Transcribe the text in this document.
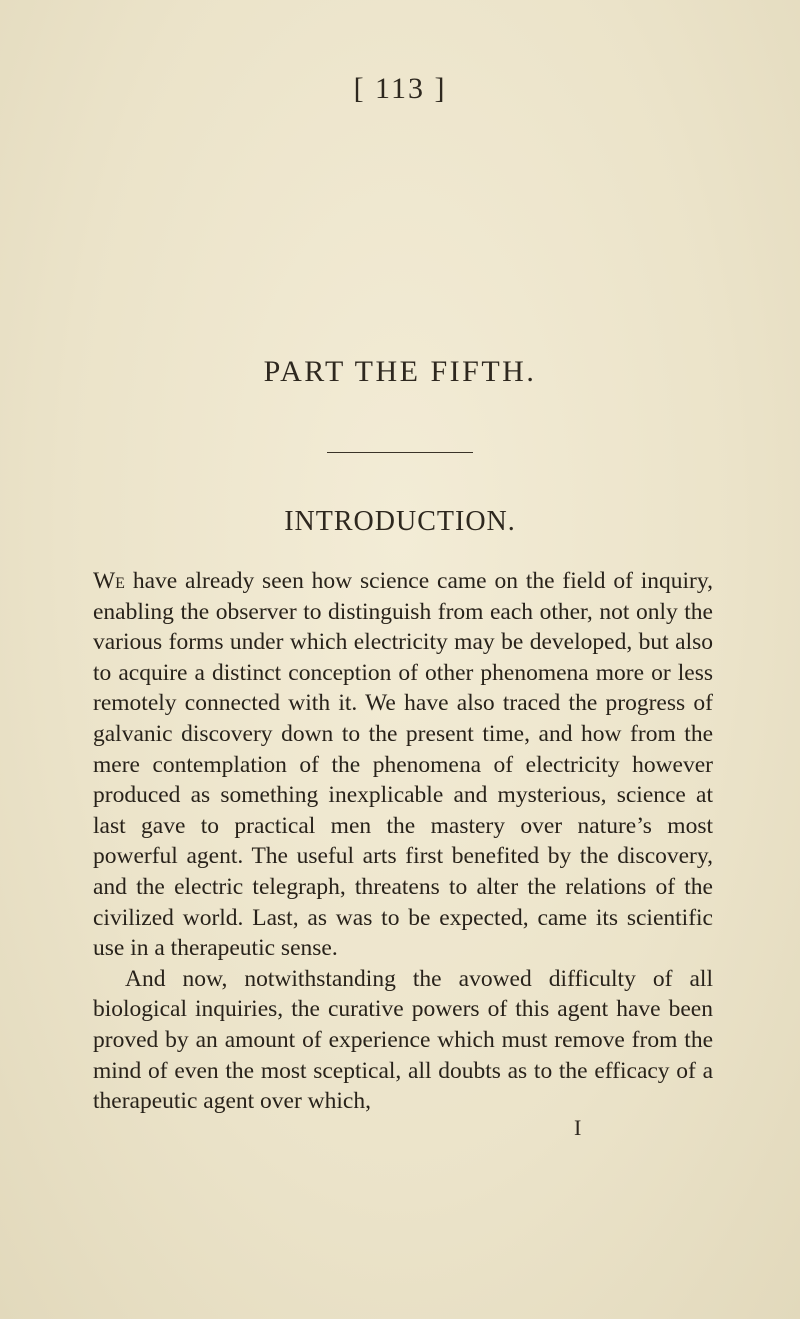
[ 113 ]
PART THE FIFTH.
INTRODUCTION.

We have already seen how science came on the field of inquiry, enabling the observer to distinguish from each other, not only the various forms under which electricity may be developed, but also to acquire a distinct conception of other phenomena more or less remotely connected with it. We have also traced the progress of galvanic discovery down to the present time, and how from the mere contemplation of the phenomena of electricity however produced as something inexplicable and mysterious, science at last gave to practical men the mastery over nature’s most powerful agent. The useful arts first benefited by the discovery, and the electric telegraph, threatens to alter the relations of the civilized world. Last, as was to be expected, came its scientific use in a therapeutic sense.

And now, notwithstanding the avowed difficulty of all biological inquiries, the curative powers of this agent have been proved by an amount of experience which must remove from the mind of even the most sceptical, all doubts as to the efficacy of a therapeutic agent over which,

I
